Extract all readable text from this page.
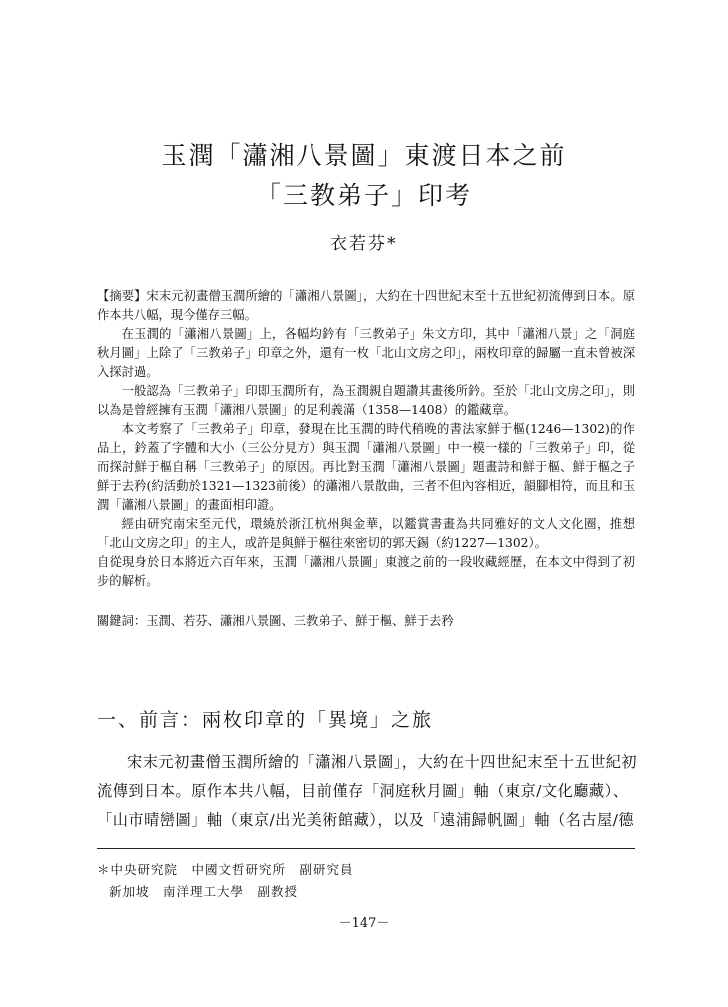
玉潤「瀟湘八景圖」東渡日本之前
「三教弟子」印考
衣若芬*

【摘要】宋末元初畫僧玉潤所繪的「瀟湘八景圖」，大約在十四世紀末至十五世紀初流傳到日本。原作本共八幅，現今僅存三幅。

在玉潤的「瀟湘八景圖」上，各幅均鈐有「三教弟子」朱文方印，其中「瀟湘八景」之「洞庭秋月圖」上除了「三教弟子」印章之外，還有一枚「北山文房之印」，兩枚印章的歸屬一直未曾被深入探討過。

一般認為「三教弟子」印即玉潤所有，為玉潤親自題讚其畫後所鈐。至於「北山文房之印」，則以為是曾經擁有玉潤「瀟湘八景圖」的足利義滿（1358—1408）的鑑藏章。

本文考察了「三教弟子」印章，發現在比玉潤的時代稍晚的書法家鮮于樞(1246—1302)的作品上，鈐蓋了字體和大小（三公分見方）與玉潤「瀟湘八景圖」中一模一樣的「三教弟子」印，從而探討鮮于樞自稱「三教弟子」的原因。再比對玉潤「瀟湘八景圖」題畫詩和鮮于樞、鮮于樞之子鮮于去矜(約活動於1321—1323前後）的瀟湘八景散曲，三者不但內容相近，韻腳相符，而且和玉潤「瀟湘八景圖」的畫面相印證。

經由研究南宋至元代，環繞於浙江杭州與金華，以鑑賞書畫為共同雅好的文人文化圈，推想「北山文房之印」的主人，或許是與鮮于樞往來密切的郭天錫（約1227—1302）。

自從現身於日本將近六百年來，玉潤「瀟湘八景圖」東渡之前的一段收藏經歷，在本文中得到了初步的解析。

關鍵詞：玉潤、若芬、瀟湘八景圖、三教弟子、鮮于樞、鮮于去矜
一、前言：兩枚印章的「異境」之旅
宋末元初畫僧玉潤所繪的「瀟湘八景圖」，大約在十四世紀末至十五世紀初
流傳到日本。原作本共八幅，目前僅存「洞庭秋月圖」軸（東京/文化廳藏）、
「山市晴巒圖」軸（東京/出光美術館藏），以及「遠浦歸帆圖」軸（名古屋/德
＊中央研究院　中國文哲研究所　副研究員
新加坡　南洋理工大學　副教授
－147－
